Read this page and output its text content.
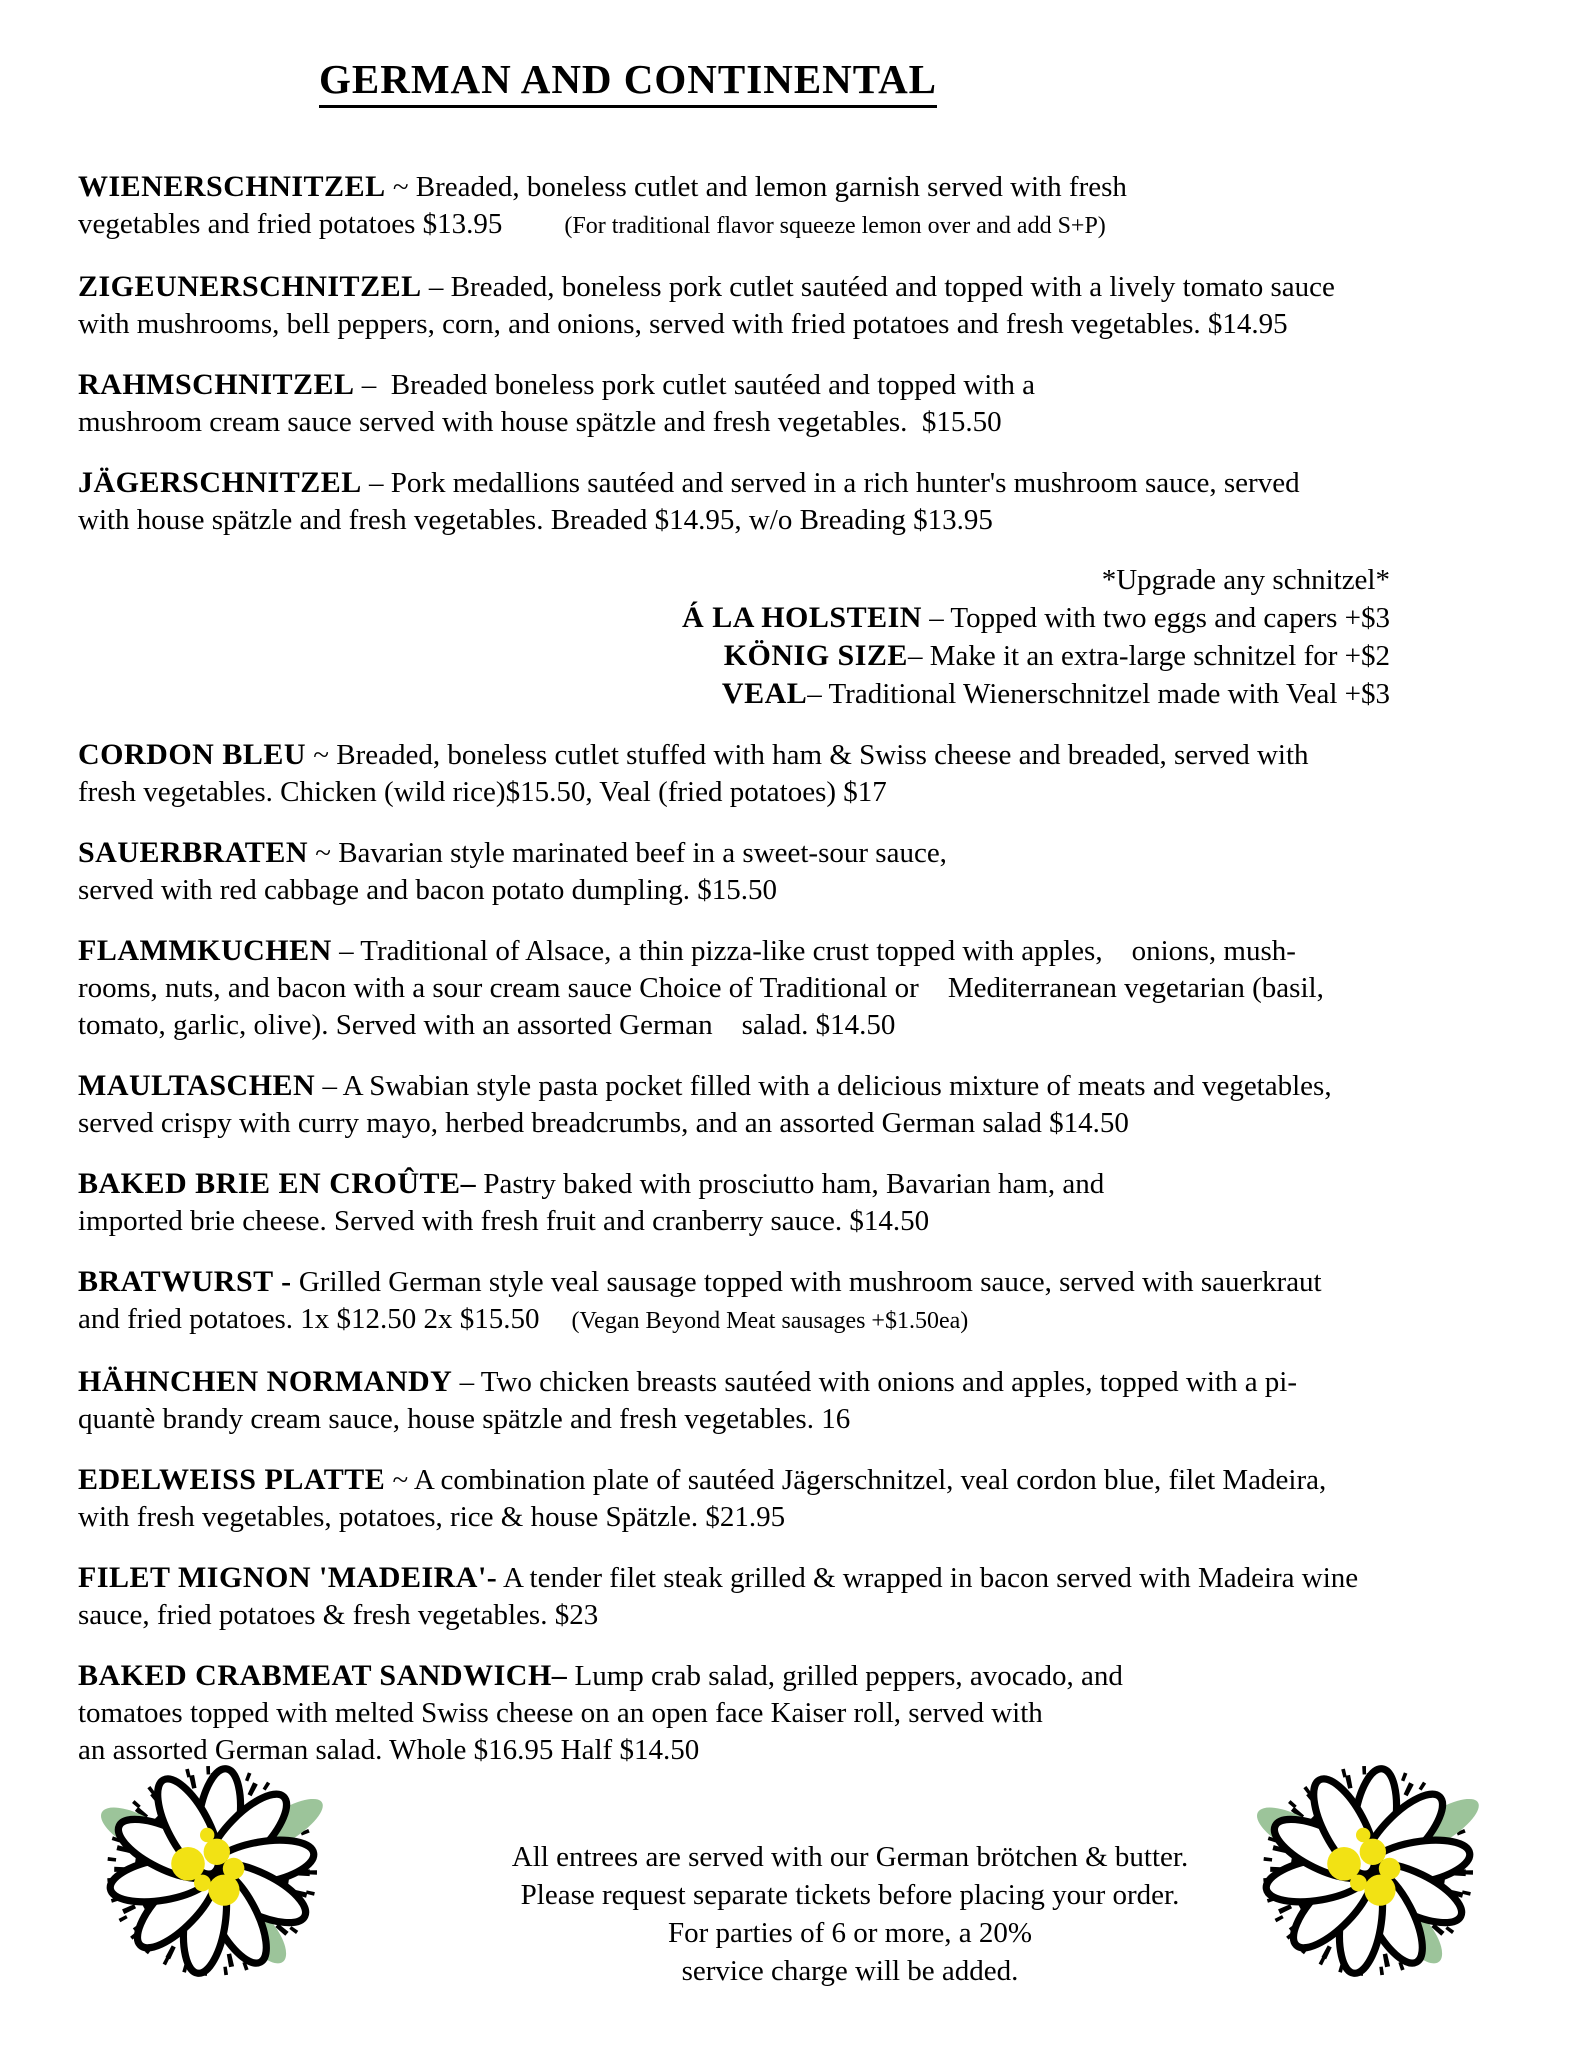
GERMAN AND CONTINENTAL

WIENERSCHNITZEL ~ Breaded, boneless cutlet and lemon garnish served with fresh
vegetables and fried potatoes $13.95	(For traditional flavor squeeze lemon over and add S+P)

ZIGEUNERSCHNITZEL – Breaded, boneless pork cutlet sautéed and topped with a lively tomato sauce
with mushrooms, bell peppers, corn, and onions, served with fried potatoes and fresh vegetables. $14.95

RAHMSCHNITZEL –  Breaded boneless pork cutlet sautéed and topped with a
mushroom cream sauce served with house spätzle and fresh vegetables.  $15.50

JÄGERSCHNITZEL – Pork medallions sautéed and served in a rich hunter's mushroom sauce, served
with house spätzle and fresh vegetables. Breaded $14.95, w/o Breading $13.95

*Upgrade any schnitzel*
Á LA HOLSTEIN – Topped with two eggs and capers +$3
KÖNIG SIZE– Make it an extra-large schnitzel for +$2
VEAL– Traditional Wienerschnitzel made with Veal +$3

CORDON BLEU ~ Breaded, boneless cutlet stuffed with ham & Swiss cheese and breaded, served with
fresh vegetables. Chicken (wild rice)$15.50, Veal (fried potatoes) $17

SAUERBRATEN ~ Bavarian style marinated beef in a sweet-sour sauce,
served with red cabbage and bacon potato dumpling. $15.50

FLAMMKUCHEN – Traditional of Alsace, a thin pizza-like crust topped with apples,    onions, mush-
rooms, nuts, and bacon with a sour cream sauce Choice of Traditional or    Mediterranean vegetarian (basil,
tomato, garlic, olive). Served with an assorted German    salad. $14.50

MAULTASCHEN – A Swabian style pasta pocket filled with a delicious mixture of meats and vegetables,
served crispy with curry mayo, herbed breadcrumbs, and an assorted German salad $14.50

BAKED BRIE EN CROÛTE– Pastry baked with prosciutto ham, Bavarian ham, and
imported brie cheese. Served with fresh fruit and cranberry sauce. $14.50

BRATWURST - Grilled German style veal sausage topped with mushroom sauce, served with sauerkraut
and fried potatoes. 1x $12.50 2x $15.50 (Vegan Beyond Meat sausages +$1.50ea)

HÄHNCHEN NORMANDY – Two chicken breasts sautéed with onions and apples, topped with a pi-
quantè brandy cream sauce, house spätzle and fresh vegetables. 16

EDELWEISS PLATTE ~ A combination plate of sautéed Jägerschnitzel, veal cordon blue, filet Madeira,
with fresh vegetables, potatoes, rice & house Spätzle. $21.95

FILET MIGNON 'MADEIRA'- A tender filet steak grilled & wrapped in bacon served with Madeira wine
sauce, fried potatoes & fresh vegetables. $23

BAKED CRABMEAT SANDWICH– Lump crab salad, grilled peppers, avocado, and
tomatoes topped with melted Swiss cheese on an open face Kaiser roll, served with
an assorted German salad. Whole $16.95 Half $14.50

All entrees are served with our German brötchen & butter.
Please request separate tickets before placing your order.
For parties of 6 or more, a 20%
service charge will be added.
